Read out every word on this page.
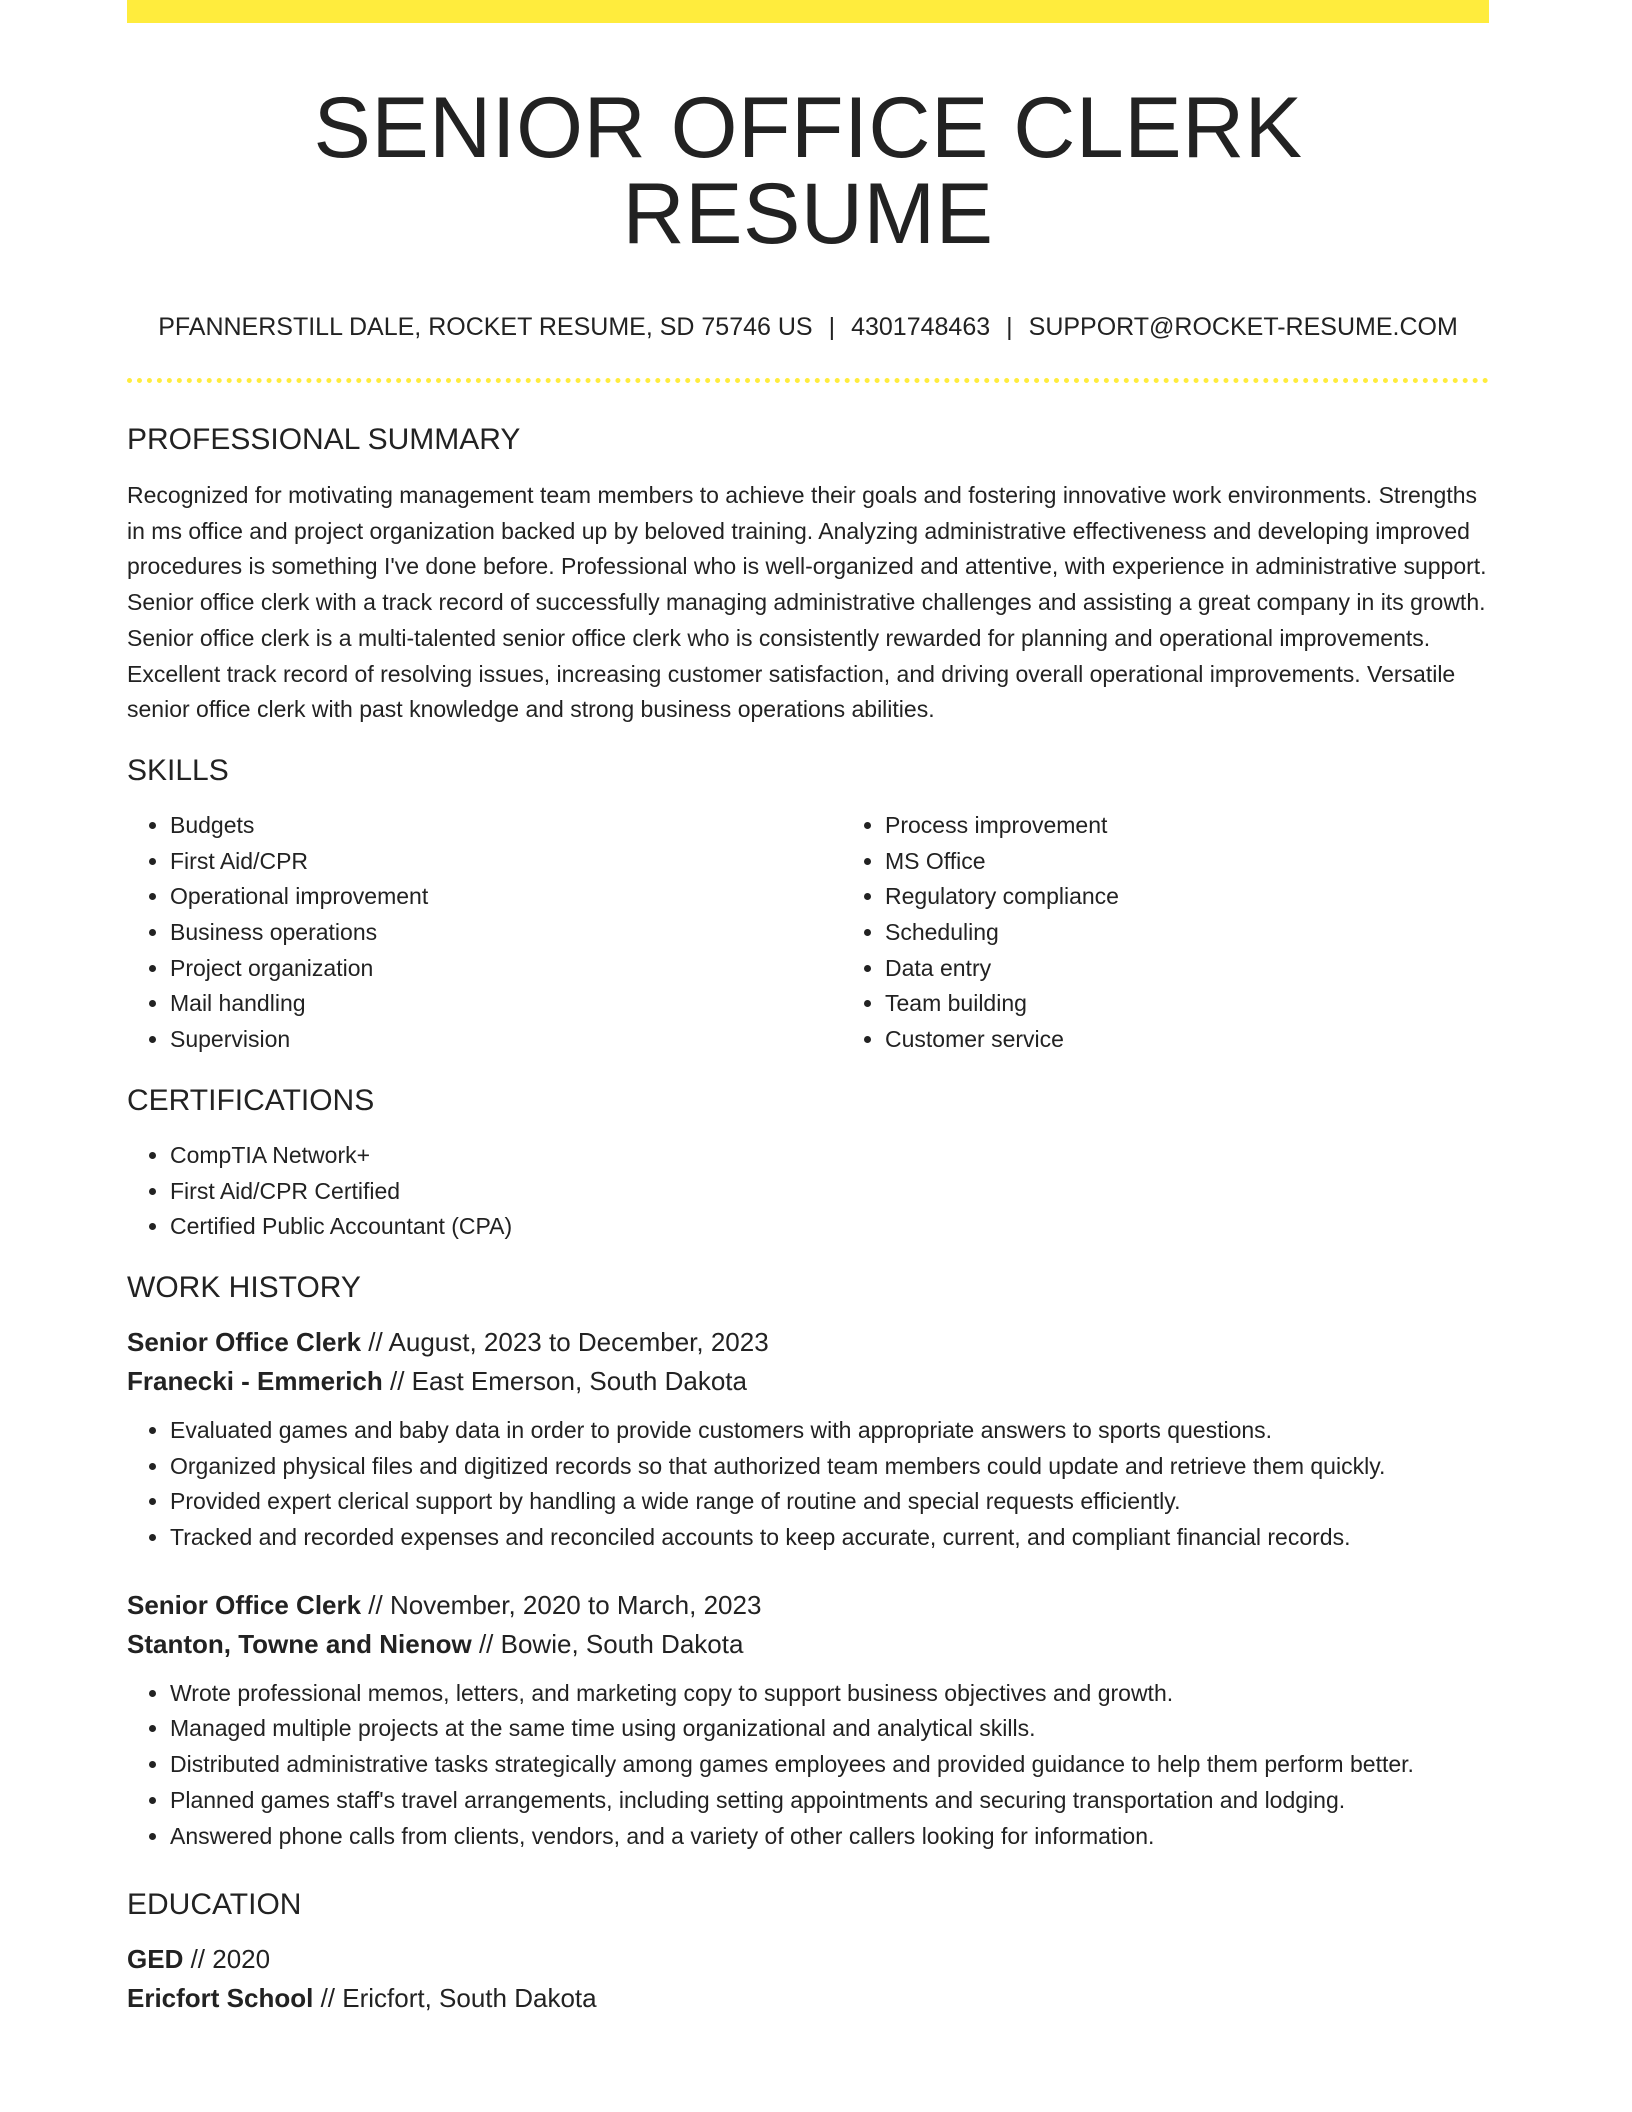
SENIOR OFFICE CLERK RESUME
PFANNERSTILL DALE, ROCKET RESUME, SD 75746 US | 4301748463 | SUPPORT@ROCKET-RESUME.COM
PROFESSIONAL SUMMARY

Recognized for motivating management team members to achieve their goals and fostering innovative work environments. Strengths in ms office and project organization backed up by beloved training. Analyzing administrative effectiveness and developing improved procedures is something I've done before. Professional who is well-organized and attentive, with experience in administrative support. Senior office clerk with a track record of successfully managing administrative challenges and assisting a great company in its growth. Senior office clerk is a multi-talented senior office clerk who is consistently rewarded for planning and operational improvements. Excellent track record of resolving issues, increasing customer satisfaction, and driving overall operational improvements. Versatile senior office clerk with past knowledge and strong business operations abilities.

SKILLS
• Budgets
• First Aid/CPR
• Operational improvement
• Business operations
• Project organization
• Mail handling
• Supervision
• Process improvement
• MS Office
• Regulatory compliance
• Scheduling
• Data entry
• Team building
• Customer service
CERTIFICATIONS
• CompTIA Network+
• First Aid/CPR Certified
• Certified Public Accountant (CPA)
WORK HISTORY

Senior Office Clerk // August, 2023 to December, 2023

Franecki - Emmerich // East Emerson, South Dakota

• Evaluated games and baby data in order to provide customers with appropriate answers to sports questions.
• Organized physical files and digitized records so that authorized team members could update and retrieve them quickly.
• Provided expert clerical support by handling a wide range of routine and special requests efficiently.
• Tracked and recorded expenses and reconciled accounts to keep accurate, current, and compliant financial records.

Senior Office Clerk // November, 2020 to March, 2023

Stanton, Towne and Nienow // Bowie, South Dakota

• Wrote professional memos, letters, and marketing copy to support business objectives and growth.
• Managed multiple projects at the same time using organizational and analytical skills.
• Distributed administrative tasks strategically among games employees and provided guidance to help them perform better.
• Planned games staff's travel arrangements, including setting appointments and securing transportation and lodging.
• Answered phone calls from clients, vendors, and a variety of other callers looking for information.
EDUCATION

GED // 2020

Ericfort School // Ericfort, South Dakota
